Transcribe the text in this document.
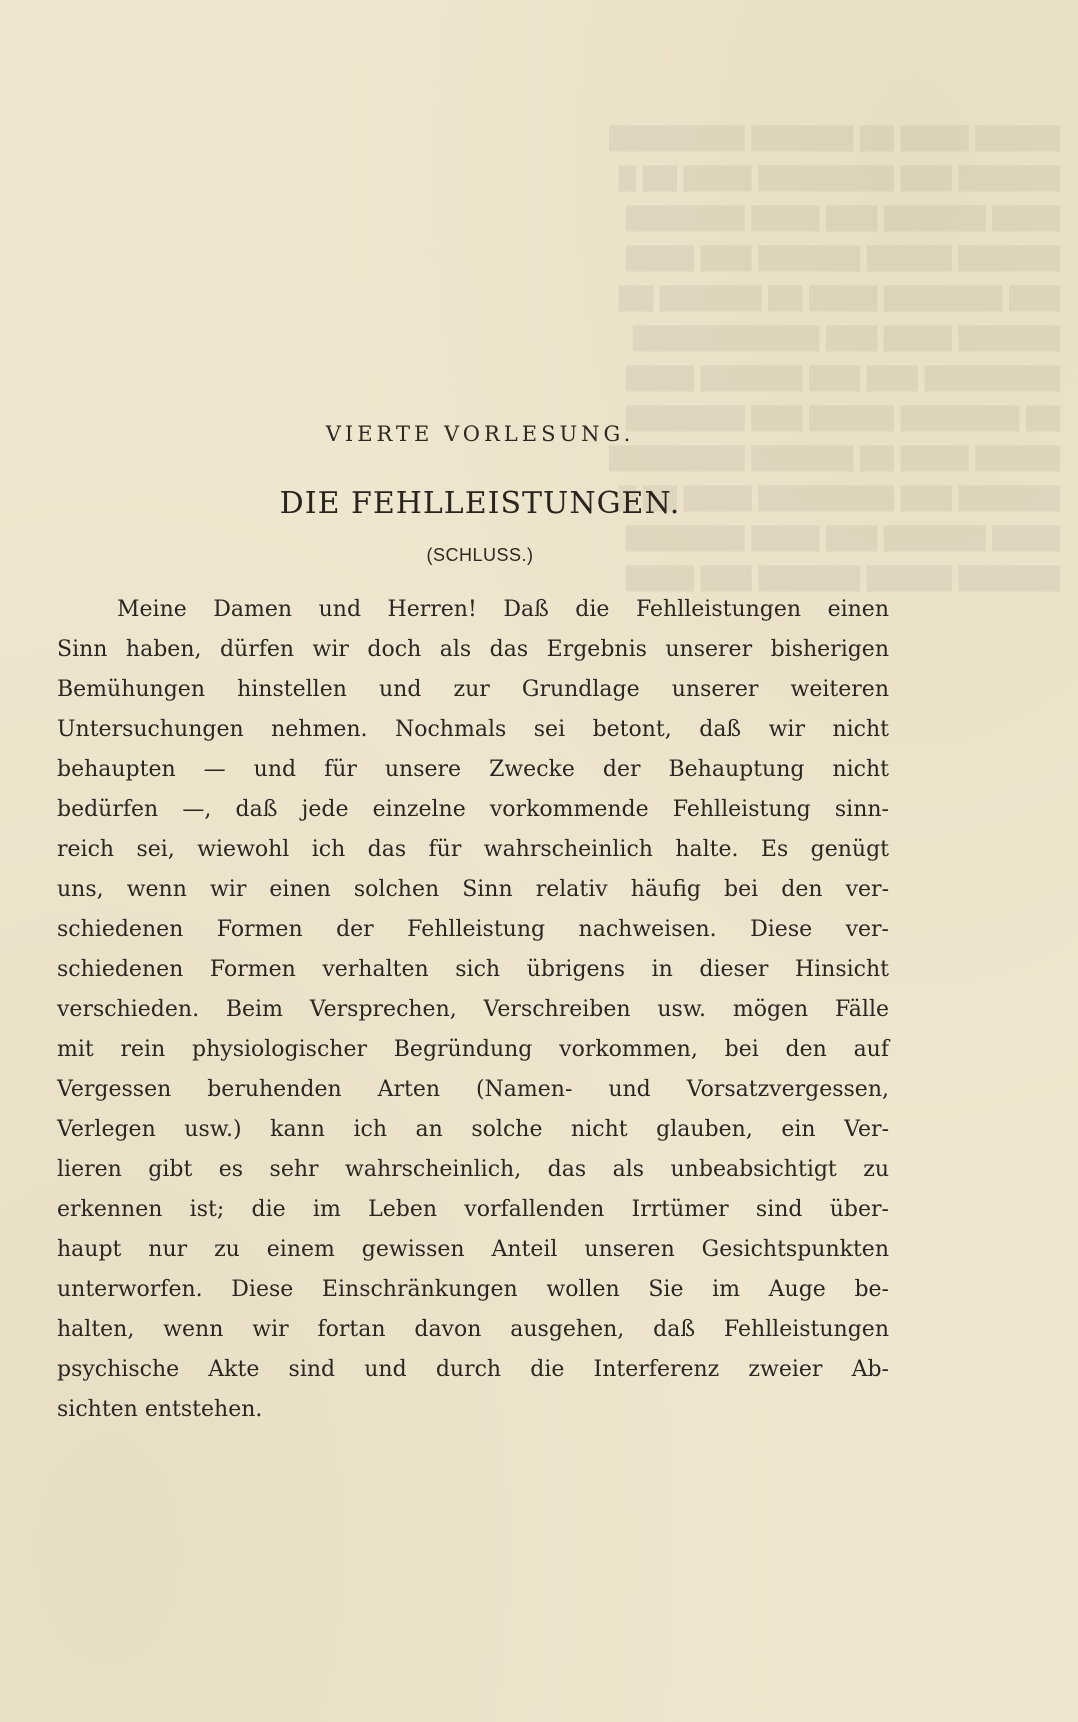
█████ ████ ██ ██████ ████████
██████ ███ ████████ ████ ██ █
████ ██████ ███ ████ ███████
██████ █████ ██████ ███ ████
███ ███████ ████ ██ ██████ ██
██████ ████ ███ ███████████
████████ ███ ███ ██████ ████
██ ███████ █████ ███ ███████
█████ ████ ██ ██████ ████████
██████ ███ ████████ ████ ██ █
████ ██████ ███ ████ ███████
██████ █████ ██████ ███ ████
VIERTE VORLESUNG.
DIE FEHLLEISTUNGEN.
(SCHLUSS.)
Meine Damen und Herren! Daß die Fehlleistungen einen
Sinn haben, dürfen wir doch als das Ergebnis unserer bisherigen
Bemühungen hinstellen und zur Grundlage unserer weiteren
Untersuchungen nehmen. Nochmals sei betont, daß wir nicht
behaupten — und für unsere Zwecke der Behauptung nicht
bedürfen —, daß jede einzelne vorkommende Fehlleistung sinn-
reich sei, wiewohl ich das für wahrscheinlich halte. Es genügt
uns, wenn wir einen solchen Sinn relativ häufig bei den ver-
schiedenen Formen der Fehlleistung nachweisen. Diese ver-
schiedenen Formen verhalten sich übrigens in dieser Hinsicht
verschieden. Beim Versprechen, Verschreiben usw. mögen Fälle
mit rein physiologischer Begründung vorkommen, bei den auf
Vergessen beruhenden Arten (Namen- und Vorsatzvergessen,
Verlegen usw.) kann ich an solche nicht glauben, ein Ver-
lieren gibt es sehr wahrscheinlich, das als unbeabsichtigt zu
erkennen ist; die im Leben vorfallenden Irrtümer sind über-
haupt nur zu einem gewissen Anteil unseren Gesichtspunkten
unterworfen. Diese Einschränkungen wollen Sie im Auge be-
halten, wenn wir fortan davon ausgehen, daß Fehlleistungen
psychische Akte sind und durch die Interferenz zweier Ab-
sichten entstehen.
